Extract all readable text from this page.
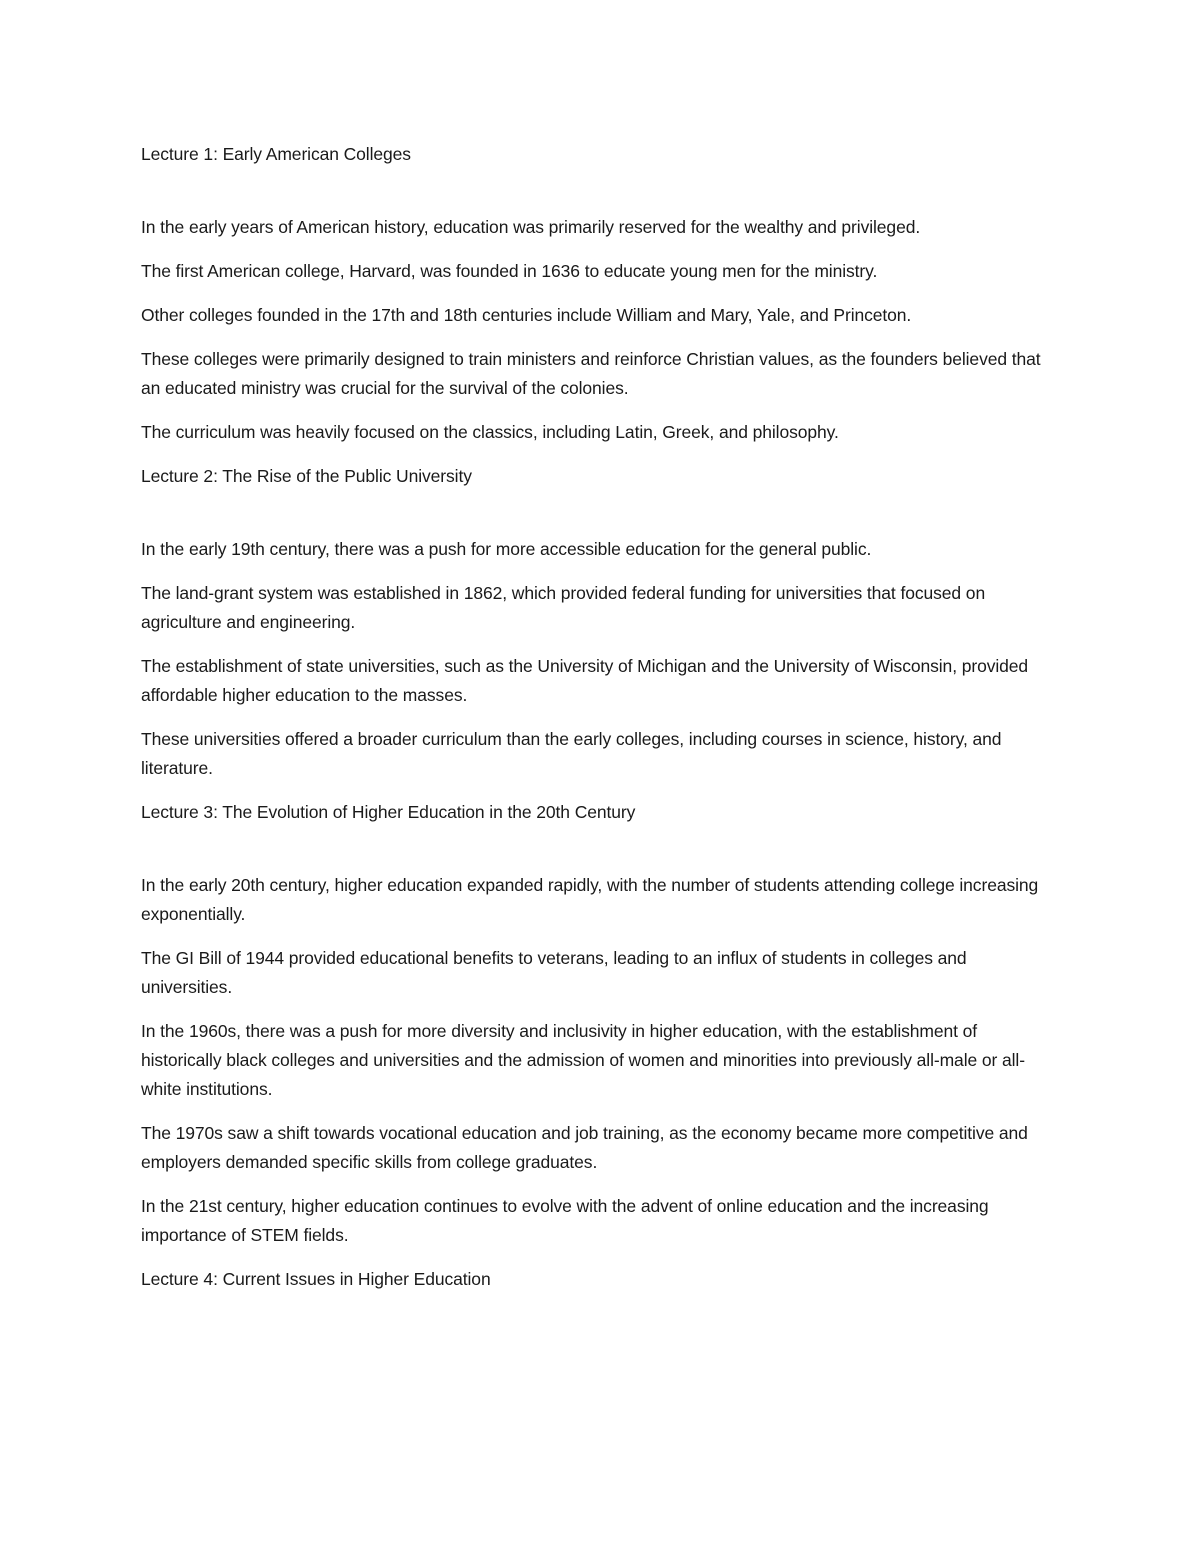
Lecture 1: Early American Colleges

In the early years of American history, education was primarily reserved for the wealthy and privileged.

The first American college, Harvard, was founded in 1636 to educate young men for the ministry.

Other colleges founded in the 17th and 18th centuries include William and Mary, Yale, and Princeton.

These colleges were primarily designed to train ministers and reinforce Christian values, as the founders believed that an educated ministry was crucial for the survival of the colonies.

The curriculum was heavily focused on the classics, including Latin, Greek, and philosophy.

Lecture 2: The Rise of the Public University

In the early 19th century, there was a push for more accessible education for the general public.

The land-grant system was established in 1862, which provided federal funding for universities that focused on agriculture and engineering.

The establishment of state universities, such as the University of Michigan and the University of Wisconsin, provided affordable higher education to the masses.

These universities offered a broader curriculum than the early colleges, including courses in science, history, and literature.

Lecture 3: The Evolution of Higher Education in the 20th Century

In the early 20th century, higher education expanded rapidly, with the number of students attending college increasing exponentially.

The GI Bill of 1944 provided educational benefits to veterans, leading to an influx of students in colleges and universities.

In the 1960s, there was a push for more diversity and inclusivity in higher education, with the establishment of historically black colleges and universities and the admission of women and minorities into previously all-male or all-white institutions.

The 1970s saw a shift towards vocational education and job training, as the economy became more competitive and employers demanded specific skills from college graduates.

In the 21st century, higher education continues to evolve with the advent of online education and the increasing importance of STEM fields.

Lecture 4: Current Issues in Higher Education
